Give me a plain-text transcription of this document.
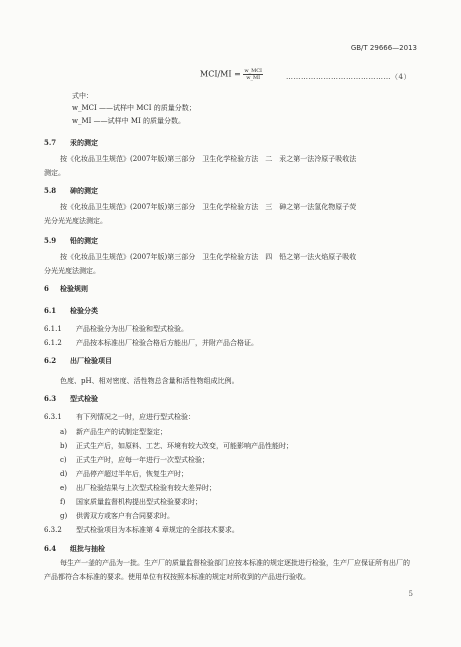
GB/T 29666—2013
$MCI/MI = \frac{\text{w\_MCI}}{w\_MI}$	……………………………………（4）
式中：
w_MCI ——试样中 MCI 的质量分数；
w_MI ——试样中 MI 的质量分数。
5.7 汞的测定
按《化妆品卫生规范》(2007年版)第三部分　卫生化学检验方法　二　汞之第一法冷原子吸收法
测定。
5.8 砷的测定
按《化妆品卫生规范》(2007年版)第三部分　卫生化学检验方法　三　砷之第一法氢化物原子荧
光分光光度法测定。
5.9 铅的测定
按《化妆品卫生规范》(2007年版)第三部分　卫生化学检验方法　四　铅之第一法火焰原子吸收
分光光度法测定。
6 检验规则
6.1 检验分类
6.1.1 产品检验分为出厂检验和型式检验。
6.1.2 产品按本标准出厂检验合格后方能出厂，并附产品合格证。
6.2 出厂检验项目
色度、pH、相对密度、活性物总含量和活性物组成比例。
6.3 型式检验
6.3.1 有下列情况之一时，应进行型式检验：
a) 新产品生产的试制定型鉴定；
b) 正式生产后，如原料、工艺、环境有较大改变，可能影响产品性能时；
c) 正式生产时，应每一年进行一次型式检验；
d) 产品停产超过半年后，恢复生产时；
e) 出厂检验结果与上次型式检验有较大差异时；
f) 国家质量监督机构提出型式检验要求时；
g) 供需双方或客户有合同要求时。
6.3.2 型式检验项目为本标准第 4 章规定的全部技术要求。
6.4 组批与抽检
每生产一釜的产品为一批。生产厂的质量监督检验部门应按本标准的规定逐批进行检验，生产厂应保证所有出厂的产品都符合本标准的要求。使用单位有权按照本标准的规定对所收到的产品进行验收。
5
